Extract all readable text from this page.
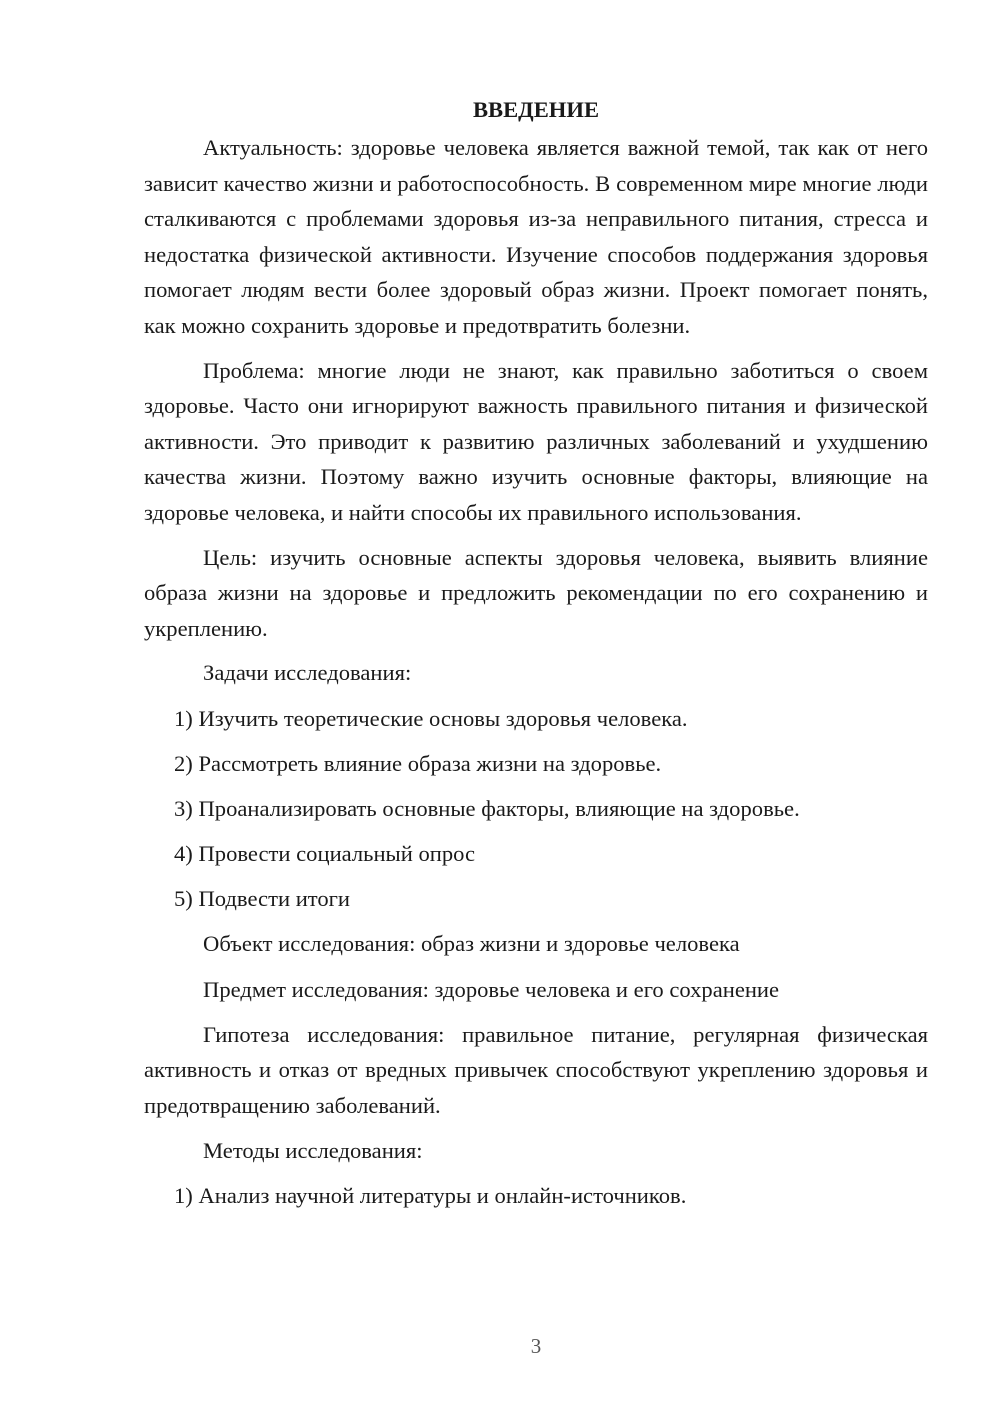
ВВЕДЕНИЕ

Актуальность: здоровье человека является важной темой, так как от него зависит качество жизни и работоспособность. В современном мире многие люди сталкиваются с проблемами здоровья из-за неправильного питания, стресса и недостатка физической активности. Изучение способов поддержания здоровья помогает людям вести более здоровый образ жизни. Проект помогает понять, как можно сохранить здоровье и предотвратить болезни.

Проблема: многие люди не знают, как правильно заботиться о своем здоровье. Часто они игнорируют важность правильного питания и физической активности. Это приводит к развитию различных заболеваний и ухудшению качества жизни. Поэтому важно изучить основные факторы, влияющие на здоровье человека, и найти способы их правильного использования.

Цель: изучить основные аспекты здоровья человека, выявить влияние образа жизни на здоровье и предложить рекомендации по его сохранению и укреплению.

Задачи исследования:

1) Изучить теоретические основы здоровья человека.

2) Рассмотреть влияние образа жизни на здоровье.

3) Проанализировать основные факторы, влияющие на здоровье.

4) Провести социальный опрос

5) Подвести итоги

Объект исследования: образ жизни и здоровье человека

Предмет исследования: здоровье человека и его сохранение

Гипотеза исследования: правильное питание, регулярная физическая активность и отказ от вредных привычек способствуют укреплению здоровья и предотвращению заболеваний.

Методы исследования:

1) Анализ научной литературы и онлайн-источников.

3
